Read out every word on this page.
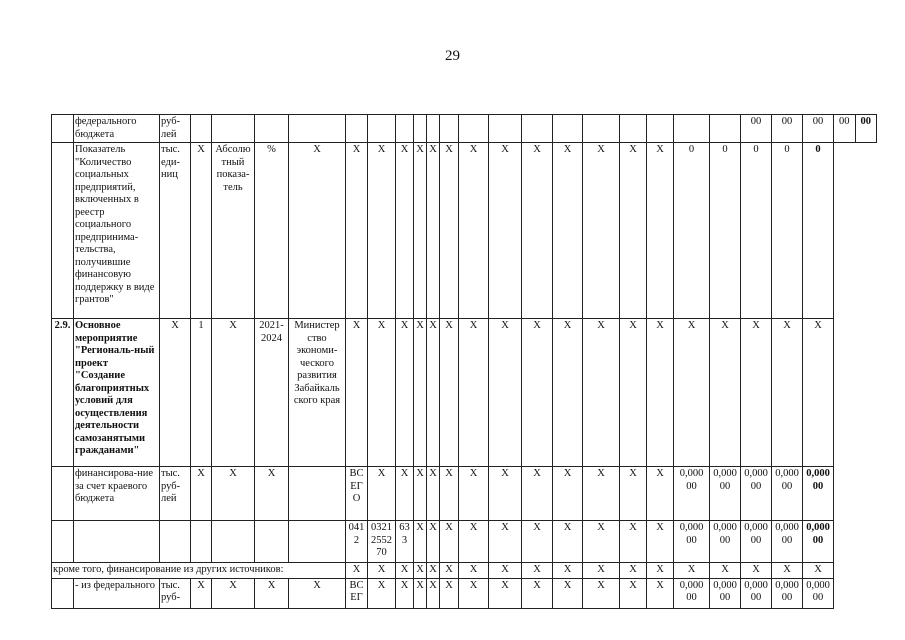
29
	федерального бюджета	руб-лей																				00	00	00	00	00
	Показатель "Количество социальных предприятий, включенных в реестр социального предпринима-тельства, получившие финансовую поддержку в виде грантов"	тыс. еди-ниц	X	Абсолю тный показа-тель	%	X	X	X	X	X	X	X	X	X	X	X	X	X	X	0	0	0	0	0		
2.9.	Основное мероприятие "Региональ-ный проект "Создание благоприятных условий для осуществления деятельности самозанятыми гражданами"	X	1	X	2021-2024	Министер ство экономи-ческого развития Забайкаль ского края	X	X	X	X	X	X	X	X	X	X	X	X	X	X	X	X	X	X		
	финансирова-ние за счет краевого бюджета	тыс. руб-лей	X	X	X		ВС ЕГ О	X	X	X	X	X	X	X	X	X	X	X	X	0,000 00	0,000 00	0,000 00	0,000 00	0,000 00		
							041 2	0321 2552 70	63 3	X	X	X	X	X	X	X	X	X	X	0,000 00	0,000 00	0,000 00	0,000 00	0,000 00		
кроме того, финансирование из других источников:							X	X	X	X	X	X	X	X	X	X	X	X	X	X	X	X	X	X		
	- из федерального	тыс. руб-	X	X	X	X	ВС ЕГ	X	X	X	X	X	X	X	X	X	X	X	X	0,000 00	0,000 00	0,000 00	0,000 00	0,000 00		
